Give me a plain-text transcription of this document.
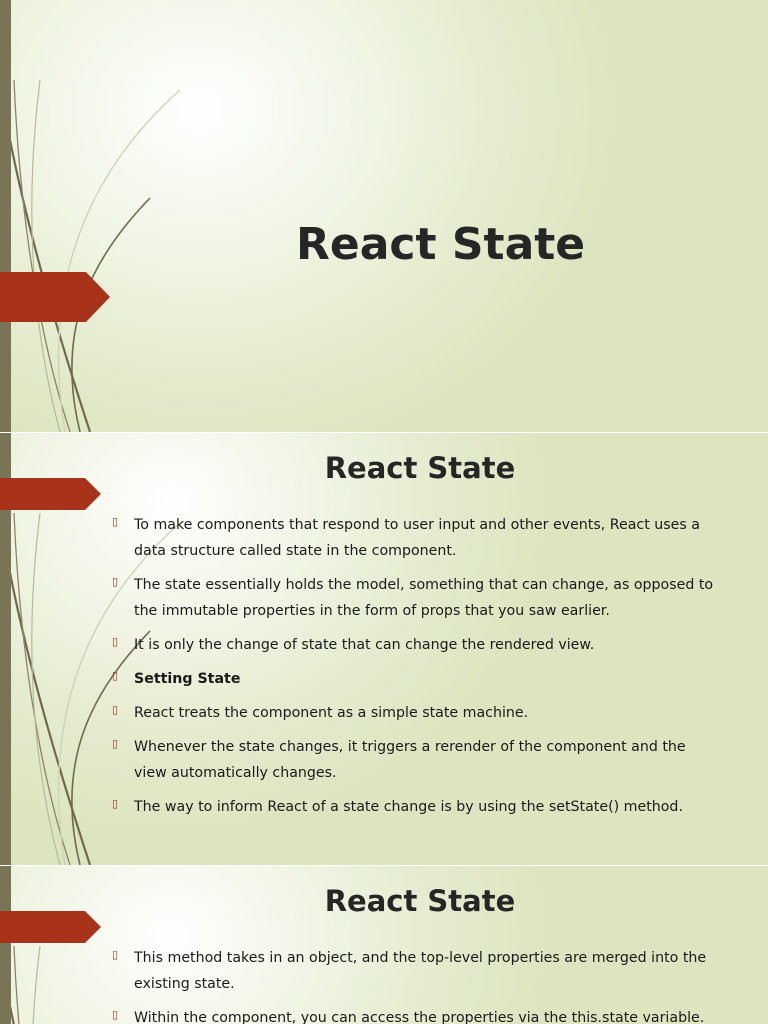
React State
React State
▯ To make components that respond to user input and other events, React uses a data structure called state in the component.
▯ The state essentially holds the model, something that can change, as opposed to the immutable properties in the form of props that you saw earlier.
▯ It is only the change of state that can change the rendered view.
▯ Setting State
▯ React treats the component as a simple state machine.
▯ Whenever the state changes, it triggers a rerender of the component and the view automatically changes.
▯ The way to inform React of a state change is by using the setState() method.
React State
▯ This method takes in an object, and the top-level properties are merged into the existing state.
▯ Within the component, you can access the properties via the this.state variable.
